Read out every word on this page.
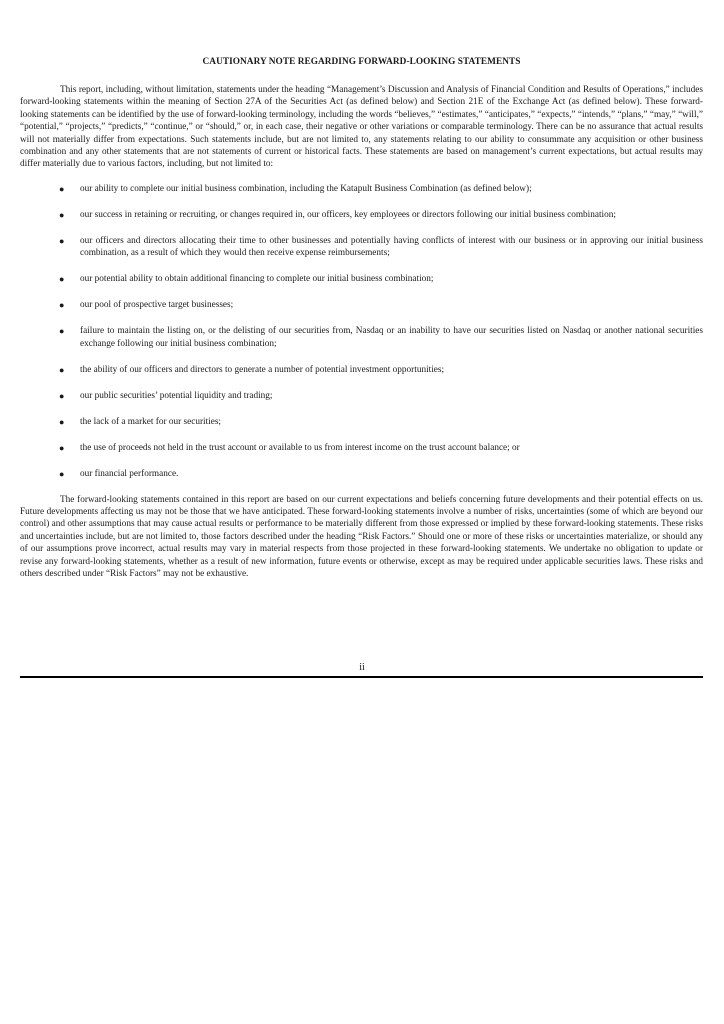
CAUTIONARY NOTE REGARDING FORWARD-LOOKING STATEMENTS

This report, including, without limitation, statements under the heading “Management’s Discussion and Analysis of Financial Condition and Results of Operations,” includes forward-looking statements within the meaning of Section 27A of the Securities Act (as defined below) and Section 21E of the Exchange Act (as defined below). These forward-looking statements can be identified by the use of forward-looking terminology, including the words “believes,” “estimates,” “anticipates,” “expects,” “intends,” “plans,” “may,” “will,” “potential,” “projects,” “predicts,” “continue,” or “should,” or, in each case, their negative or other variations or comparable terminology. There can be no assurance that actual results will not materially differ from expectations. Such statements include, but are not limited to, any statements relating to our ability to consummate any acquisition or other business combination and any other statements that are not statements of current or historical facts. These statements are based on management’s current expectations, but actual results may differ materially due to various factors, including, but not limited to:

● our ability to complete our initial business combination, including the Katapult Business Combination (as defined below);
● our success in retaining or recruiting, or changes required in, our officers, key employees or directors following our initial business combination;
● our officers and directors allocating their time to other businesses and potentially having conflicts of interest with our business or in approving our initial business combination, as a result of which they would then receive expense reimbursements;
● our potential ability to obtain additional financing to complete our initial business combination;
● our pool of prospective target businesses;
● failure to maintain the listing on, or the delisting of our securities from, Nasdaq or an inability to have our securities listed on Nasdaq or another national securities exchange following our initial business combination;
● the ability of our officers and directors to generate a number of potential investment opportunities;
● our public securities’ potential liquidity and trading;
● the lack of a market for our securities;
● the use of proceeds not held in the trust account or available to us from interest income on the trust account balance; or
● our financial performance.

The forward-looking statements contained in this report are based on our current expectations and beliefs concerning future developments and their potential effects on us. Future developments affecting us may not be those that we have anticipated. These forward-looking statements involve a number of risks, uncertainties (some of which are beyond our control) and other assumptions that may cause actual results or performance to be materially different from those expressed or implied by these forward-looking statements. These risks and uncertainties include, but are not limited to, those factors described under the heading “Risk Factors.” Should one or more of these risks or uncertainties materialize, or should any of our assumptions prove incorrect, actual results may vary in material respects from those projected in these forward-looking statements. We undertake no obligation to update or revise any forward-looking statements, whether as a result of new information, future events or otherwise, except as may be required under applicable securities laws. These risks and others described under “Risk Factors” may not be exhaustive.

ii
